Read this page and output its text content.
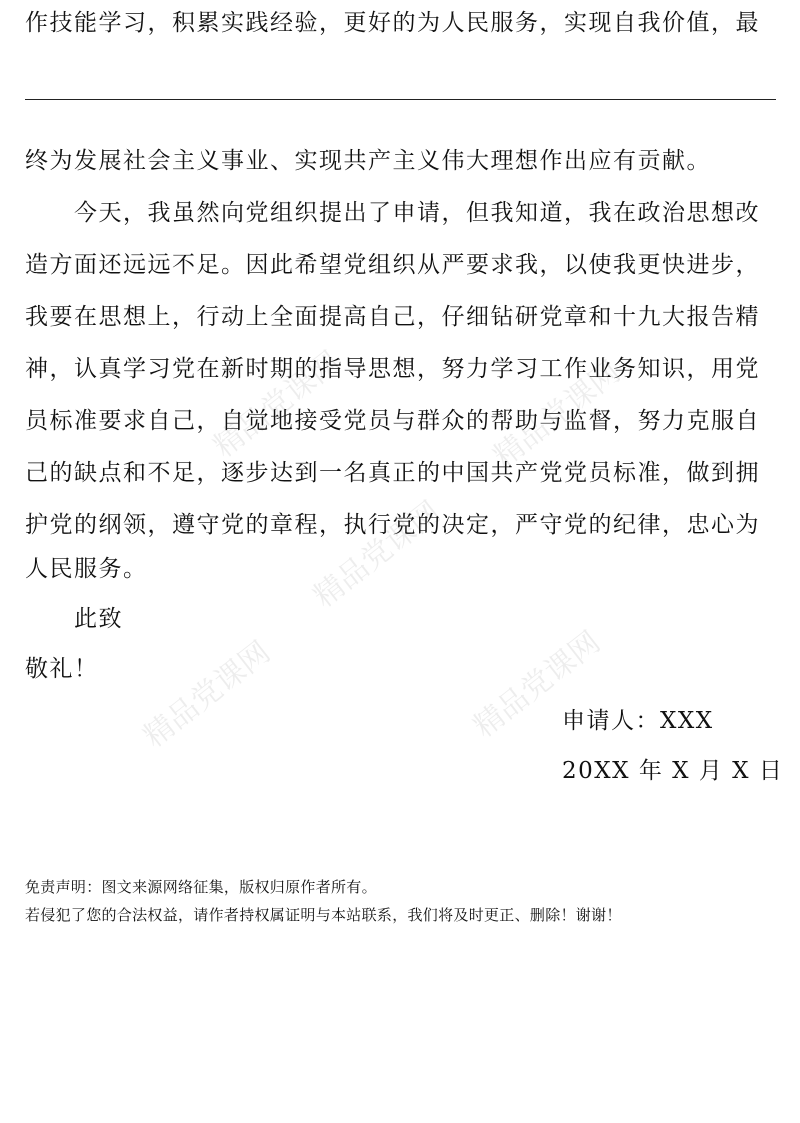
精品党课网
精品党课网
精品党课网	精品党课网
精品党课网
作技能学习，积累实践经验，更好的为人民服务，实现自我价值，最
终为发展社会主义事业、实现共产主义伟大理想作出应有贡献。
　　今天，我虽然向党组织提出了申请，但我知道，我在政治思想改
造方面还远远不足。因此希望党组织从严要求我，以使我更快进步，
我要在思想上，行动上全面提高自己，仔细钻研党章和十九大报告精
神，认真学习党在新时期的指导思想，努力学习工作业务知识，用党
员标准要求自己，自觉地接受党员与群众的帮助与监督，努力克服自
己的缺点和不足，逐步达到一名真正的中国共产党党员标准，做到拥
护党的纲领，遵守党的章程，执行党的决定，严守党的纪律，忠心为
人民服务。
　　此致
敬礼！
申请人：XXX
20XX 年 X 月 X 日
免责声明：图文来源网络征集，版权归原作者所有。
若侵犯了您的合法权益，请作者持权属证明与本站联系，我们将及时更正、删除！谢谢！
